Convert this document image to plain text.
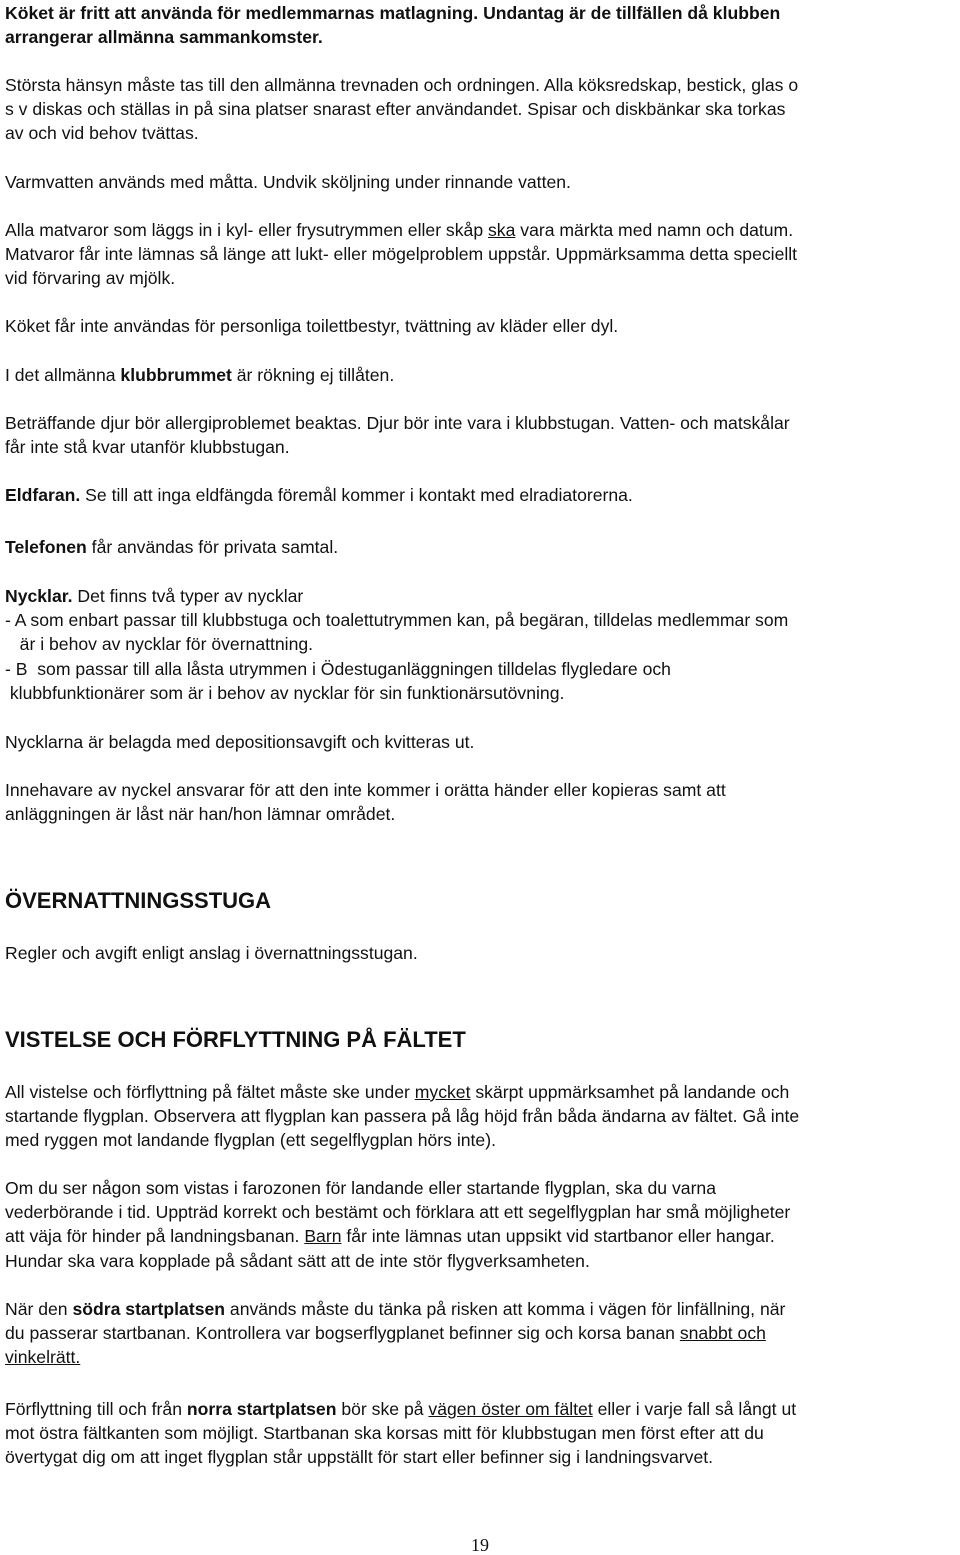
Köket är fritt att använda för medlemmarnas matlagning. Undantag är de tillfällen då klubben

arrangerar allmänna sammankomster.

Största hänsyn måste tas till den allmänna trevnaden och ordningen. Alla köksredskap, bestick, glas o

s v diskas och ställas in på sina platser snarast efter användandet. Spisar och diskbänkar ska torkas

av och vid behov tvättas.

Varmvatten används med måtta. Undvik sköljning under rinnande vatten.

Alla matvaror som läggs in i kyl- eller frysutrymmen eller skåp ska vara märkta med namn och datum.

Matvaror får inte lämnas så länge att lukt- eller mögelproblem uppstår. Uppmärksamma detta speciellt

vid förvaring av mjölk.

Köket får inte användas för personliga toilettbestyr, tvättning av kläder eller dyl.

I det allmänna klubbrummet är rökning ej tillåten.

Beträffande djur bör allergiproblemet beaktas. Djur bör inte vara i klubbstugan. Vatten- och matskålar

får inte stå kvar utanför klubbstugan.

Eldfaran. Se till att inga eldfängda föremål kommer i kontakt med elradiatorerna.

Telefonen får användas för privata samtal.

Nycklar. Det finns två typer av nycklar

- A som enbart passar till klubbstuga och toalettutrymmen kan, på begäran, tilldelas medlemmar som

är i behov av nycklar för övernattning.

- B  som passar till alla låsta utrymmen i Ödestuganläggningen tilldelas flygledare och

klubbfunktionärer som är i behov av nycklar för sin funktionärsutövning.

Nycklarna är belagda med depositionsavgift och kvitteras ut.

Innehavare av nyckel ansvarar för att den inte kommer i orätta händer eller kopieras samt att

anläggningen är låst när han/hon lämnar området.

ÖVERNATTNINGSSTUGA

Regler och avgift enligt anslag i övernattningsstugan.

VISTELSE OCH FÖRFLYTTNING PÅ FÄLTET

All vistelse och förflyttning på fältet måste ske under mycket skärpt uppmärksamhet på landande och

startande flygplan. Observera att flygplan kan passera på låg höjd från båda ändarna av fältet. Gå inte

med ryggen mot landande flygplan (ett segelflygplan hörs inte).

Om du ser någon som vistas i farozonen för landande eller startande flygplan, ska du varna

vederbörande i tid. Uppträd korrekt och bestämt och förklara att ett segelflygplan har små möjligheter

att väja för hinder på landningsbanan. Barn får inte lämnas utan uppsikt vid startbanor eller hangar.

Hundar ska vara kopplade på sådant sätt att de inte stör flygverksamheten.

När den södra startplatsen används måste du tänka på risken att komma i vägen för linfällning, när

du passerar startbanan. Kontrollera var bogserflygplanet befinner sig och korsa banan snabbt och

vinkelrätt.

Förflyttning till och från norra startplatsen bör ske på vägen öster om fältet eller i varje fall så långt ut

mot östra fältkanten som möjligt. Startbanan ska korsas mitt för klubbstugan men först efter att du

övertygat dig om att inget flygplan står uppställt för start eller befinner sig i landningsvarvet.

19
